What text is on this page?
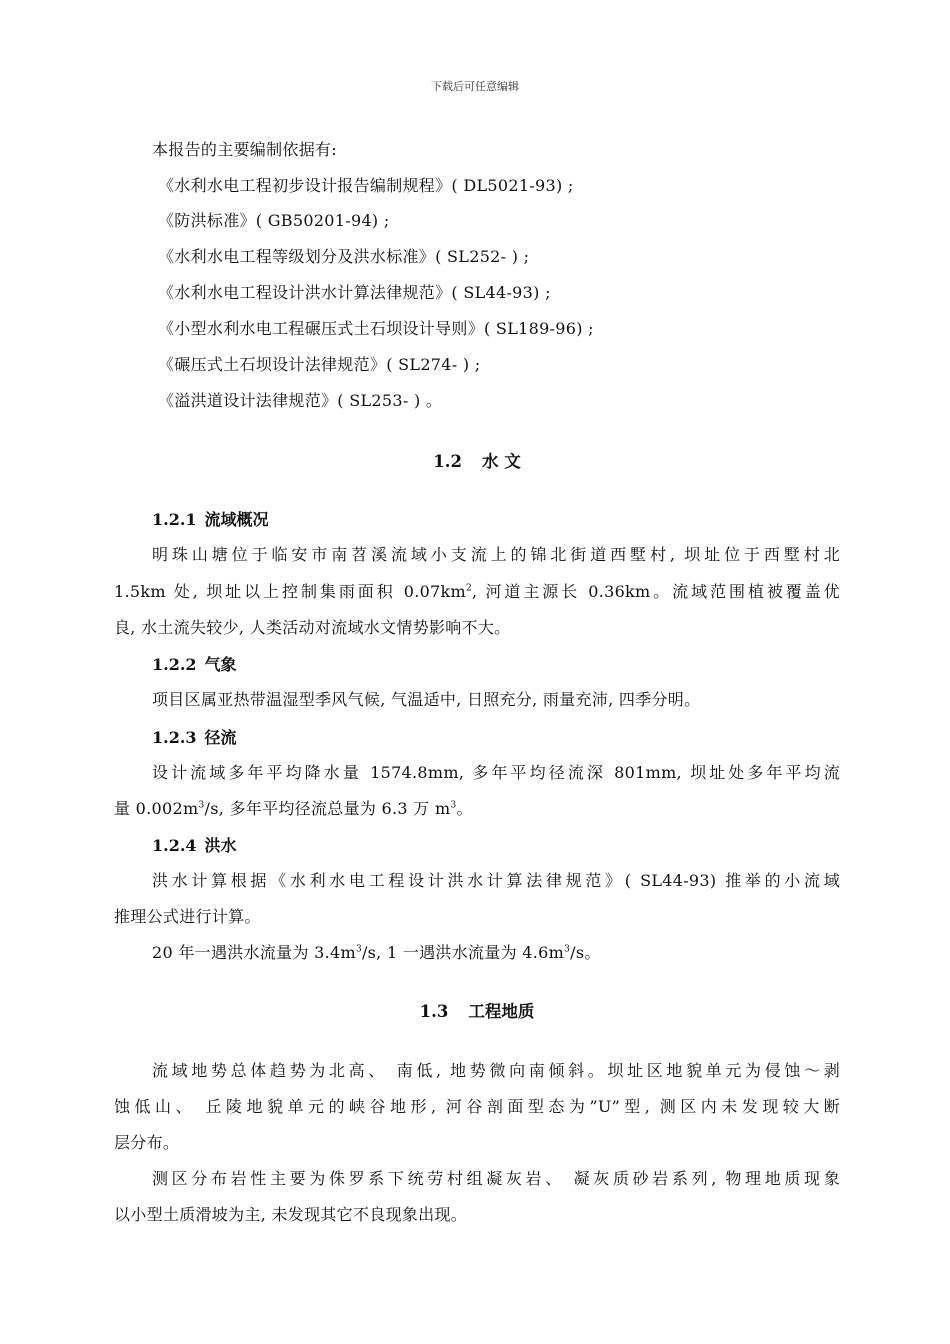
下载后可任意编辑
本报告的主要编制依据有:
《水利水电工程初步设计报告编制规程》( DL5021-93) ;
《防洪标准》( GB50201-94) ;
《水利水电工程等级划分及洪水标准》( SL252- ) ;
《水利水电工程设计洪水计算法律规范》( SL44-93) ;
《小型水利水电工程碾压式土石坝设计导则》( SL189-96) ;
《碾压式土石坝设计法律规范》( SL274- ) ;
《溢洪道设计法律规范》( SL253- ) 。
1.2 水 文
1.2.1 流域概况
明珠山塘位于临安市南苕溪流域小支流上的锦北街道西墅村, 坝址位于西墅村北
1.5km 处, 坝址以上控制集雨面积 $0.07km^2$, 河道主源长 0.36km。流域范围植被覆盖优
良, 水土流失较少, 人类活动对流域水文情势影响不大。
1.2.2 气象
项目区属亚热带温湿型季风气候, 气温适中, 日照充分, 雨量充沛, 四季分明。
1.2.3 径流
设计流域多年平均降水量 1574.8mm, 多年平均径流深 801mm, 坝址处多年平均流
量 $0.002m^3/s$, 多年平均径流总量为 6.3 万 $m^3$。
1.2.4 洪水
洪水计算根据《水利水电工程设计洪水计算法律规范》( SL44-93) 推举的小流域
推理公式进行计算。
20 年一遇洪水流量为 $3.4m^3/s$, 1 一遇洪水流量为 $4.6m^3/s$。
1.3 工程地质
流域地势总体趋势为北高、 南低, 地势微向南倾斜。坝址区地貌单元为侵蚀～剥
蚀低山、 丘陵地貌单元的峡谷地形, 河谷剖面型态为”U”型, 测区内未发现较大断
层分布。
测区分布岩性主要为侏罗系下统劳村组凝灰岩、 凝灰质砂岩系列, 物理地质现象
以小型土质滑坡为主, 未发现其它不良现象出现。
